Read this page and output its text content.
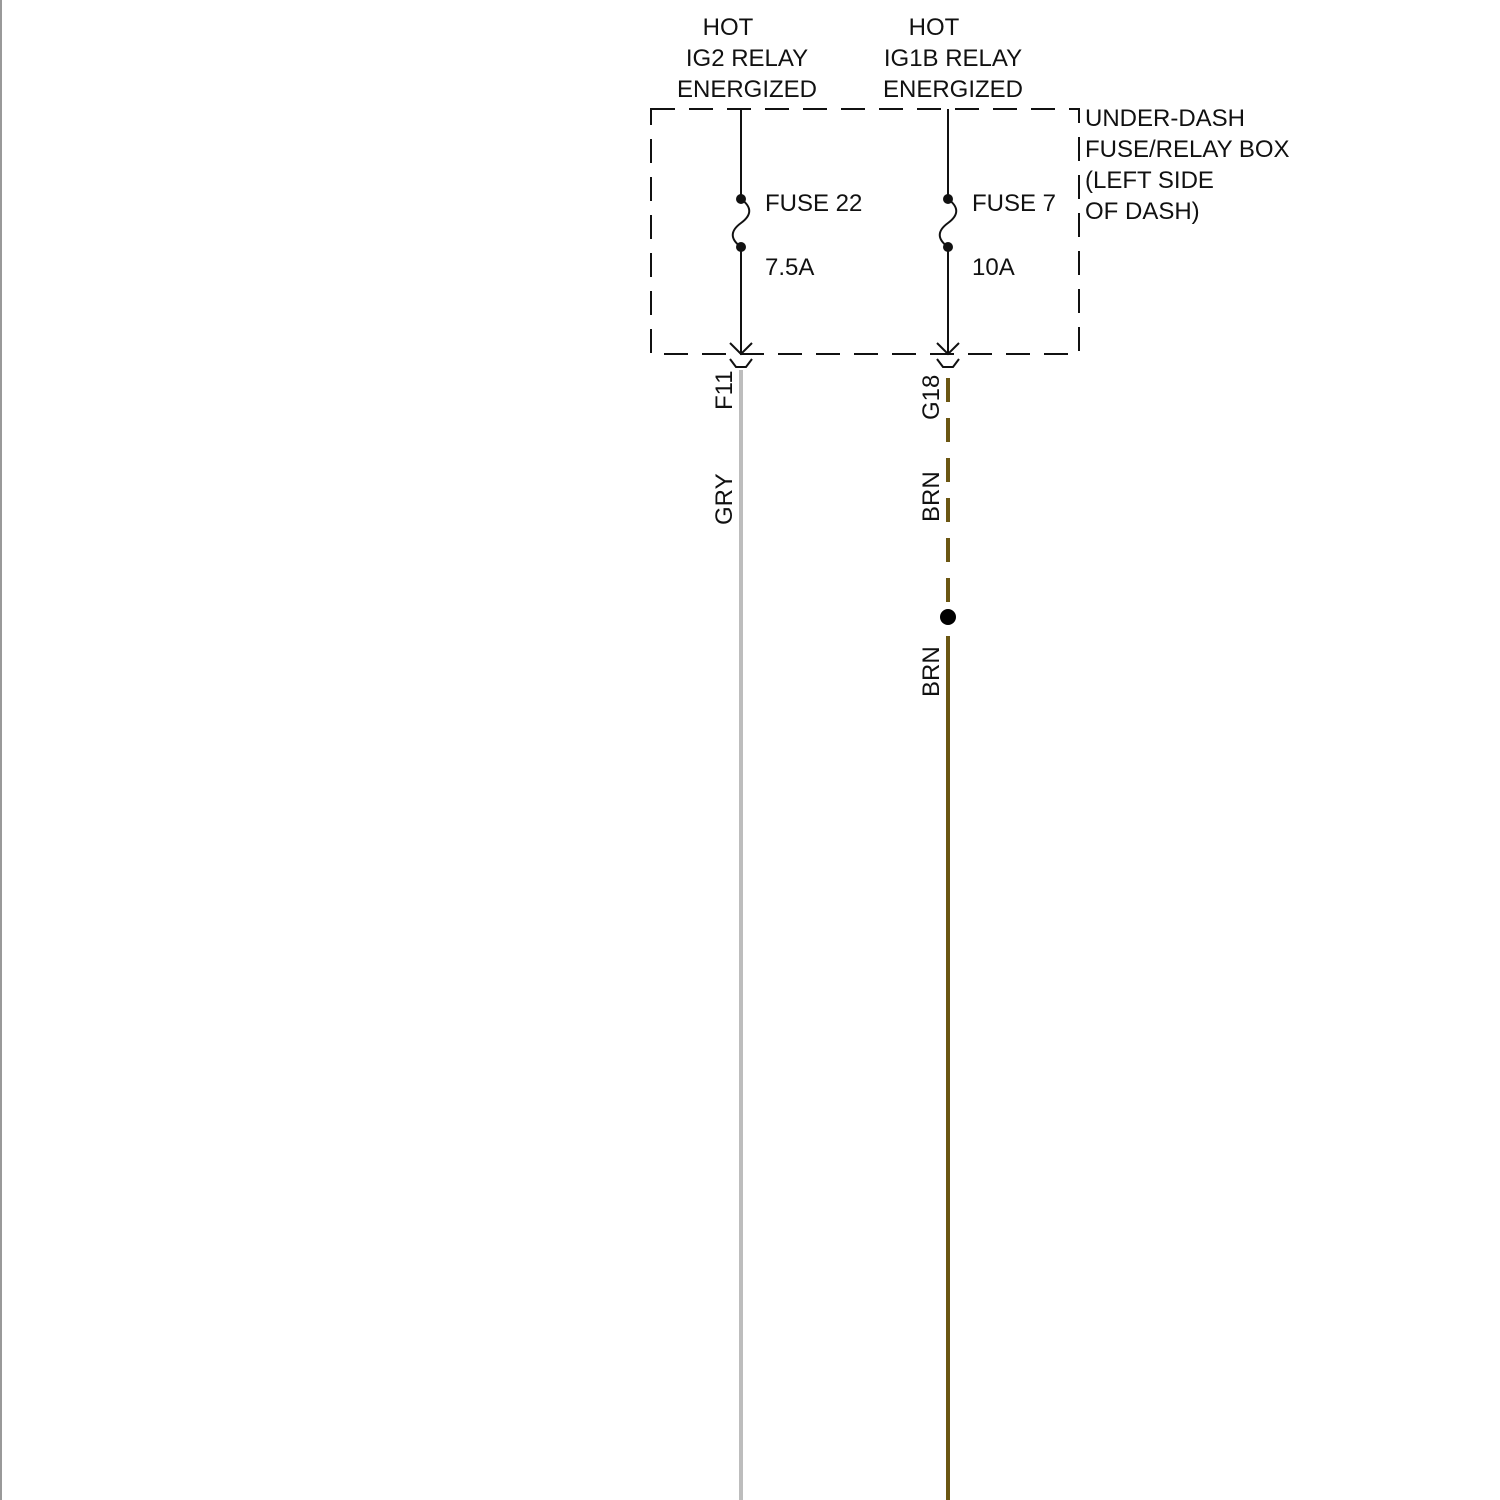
HOT
IG2 RELAY
ENERGIZED
HOT
IG1B RELAY
ENERGIZED
UNDER-DASH
FUSE/RELAY BOX
(LEFT SIDE
OF DASH)
FUSE 22
7.5A
FUSE 7
10A
F11	G18
GRY	BRN
BRN
